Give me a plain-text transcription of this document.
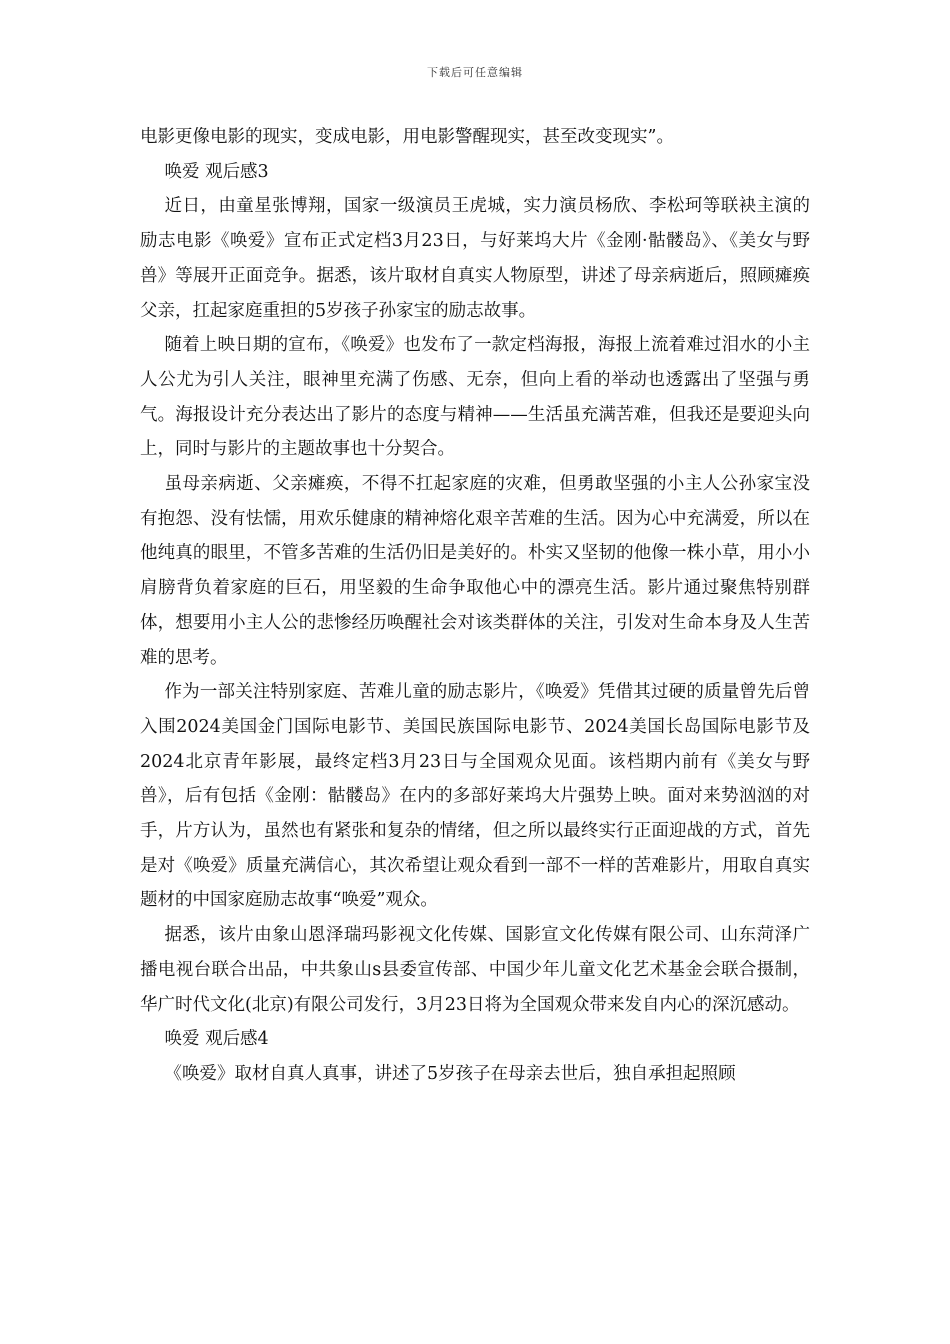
下载后可任意编辑

电影更像电影的现实，变成电影，用电影警醒现实，甚至改变现实”。

唤爱 观后感3

近日，由童星张博翔，国家一级演员王虎城，实力演员杨欣、李松珂等联袂主演的励志电影《唤爱》宣布正式定档3月23日，与好莱坞大片《金刚·骷髅岛》、《美女与野兽》等展开正面竞争。据悉，该片取材自真实人物原型，讲述了母亲病逝后，照顾瘫痪父亲，扛起家庭重担的5岁孩子孙家宝的励志故事。

随着上映日期的宣布，《唤爱》也发布了一款定档海报，海报上流着难过泪水的小主人公尤为引人关注，眼神里充满了伤感、无奈，但向上看的举动也透露出了坚强与勇气。海报设计充分表达出了影片的态度与精神——生活虽充满苦难，但我还是要迎头向上，同时与影片的主题故事也十分契合。

虽母亲病逝、父亲瘫痪，不得不扛起家庭的灾难，但勇敢坚强的小主人公孙家宝没有抱怨、没有怯懦，用欢乐健康的精神熔化艰辛苦难的生活。因为心中充满爱，所以在他纯真的眼里，不管多苦难的生活仍旧是美好的。朴实又坚韧的他像一株小草，用小小肩膀背负着家庭的巨石，用坚毅的生命争取他心中的漂亮生活。影片通过聚焦特别群体，想要用小主人公的悲惨经历唤醒社会对该类群体的关注，引发对生命本身及人生苦难的思考。

作为一部关注特别家庭、苦难儿童的励志影片，《唤爱》凭借其过硬的质量曾先后曾入围2024美国金门国际电影节、美国民族国际电影节、2024美国长岛国际电影节及2024北京青年影展，最终定档3月23日与全国观众见面。该档期内前有《美女与野兽》，后有包括《金刚：骷髅岛》在内的多部好莱坞大片强势上映。面对来势汹汹的对手，片方认为，虽然也有紧张和复杂的情绪，但之所以最终实行正面迎战的方式，首先是对《唤爱》质量充满信心，其次希望让观众看到一部不一样的苦难影片，用取自真实题材的中国家庭励志故事“唤爱”观众。

据悉，该片由象山恩泽瑞玛影视文化传媒、国影宣文化传媒有限公司、山东菏泽广播电视台联合出品，中共象山s县委宣传部、中国少年儿童文化艺术基金会联合摄制，华广时代文化(北京)有限公司发行，3月23日将为全国观众带来发自内心的深沉感动。

唤爱 观后感4

《唤爱》取材自真人真事，讲述了5岁孩子在母亲去世后，独自承担起照顾
